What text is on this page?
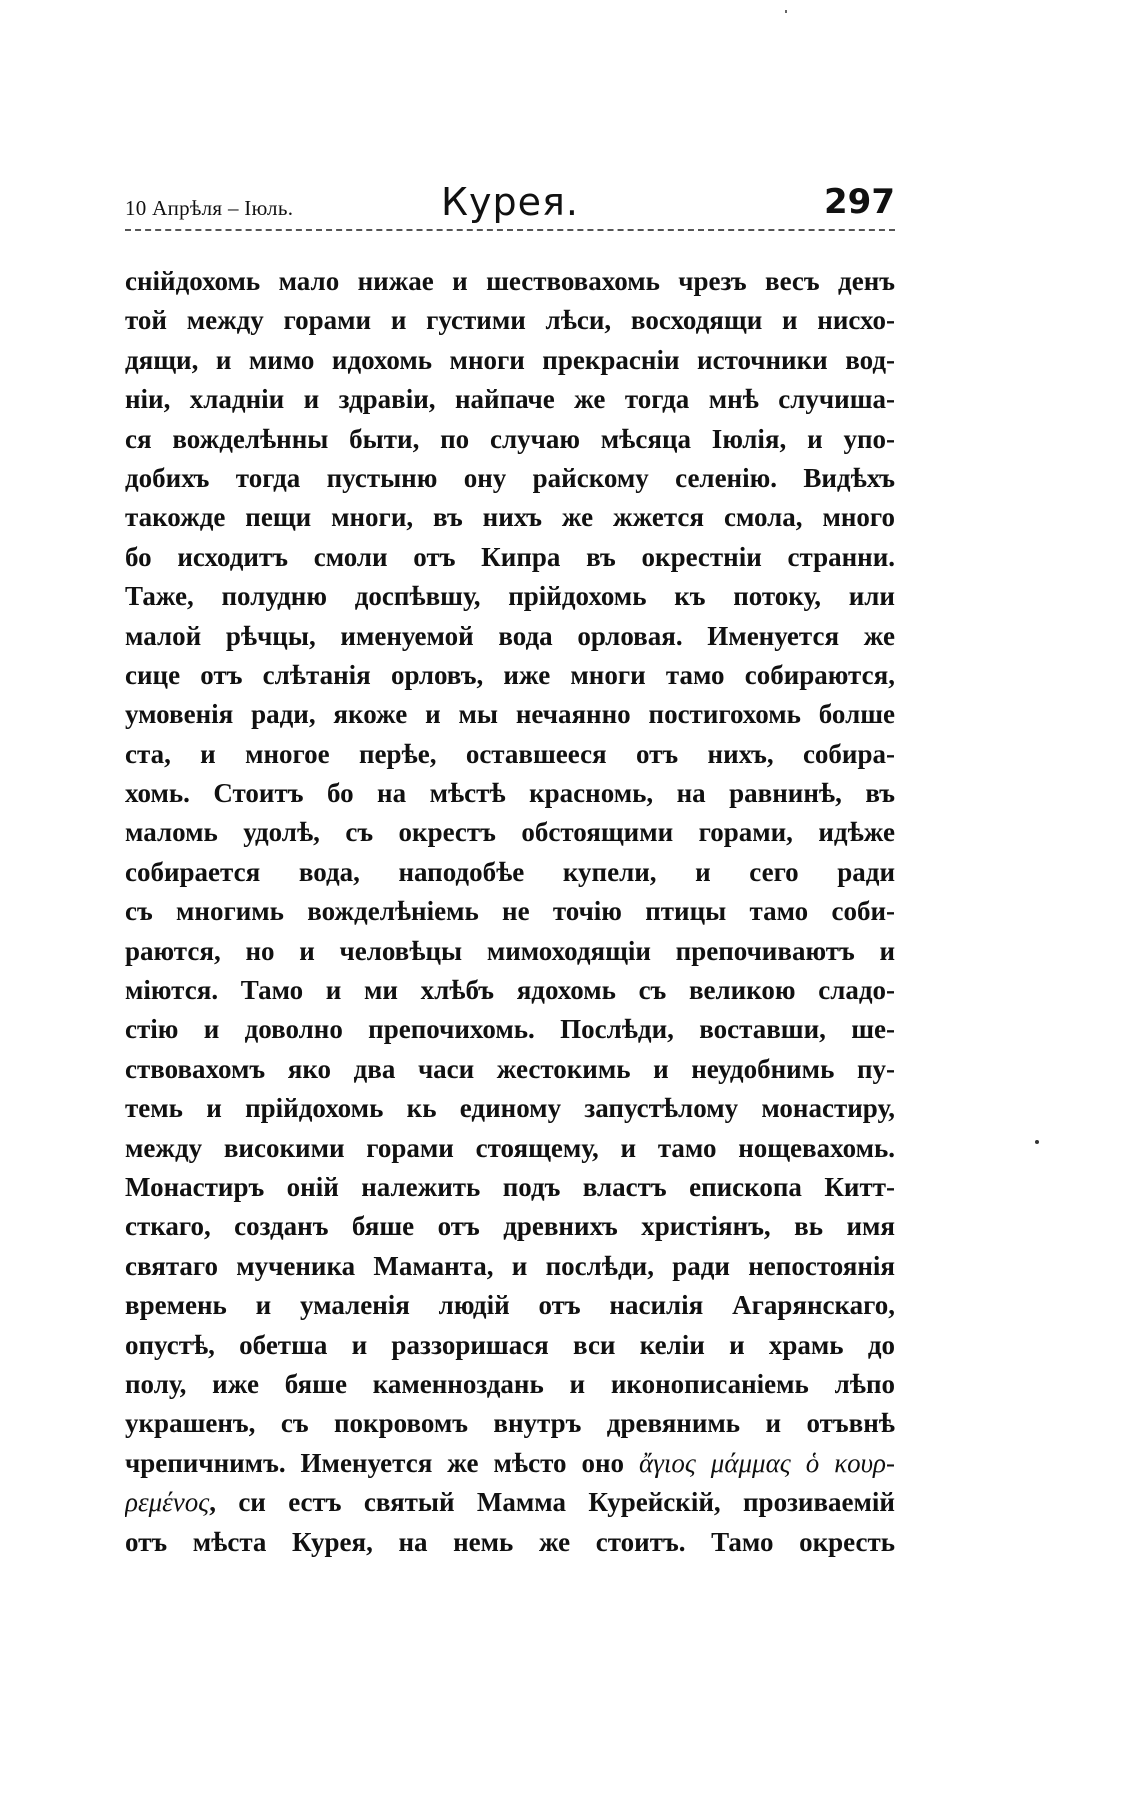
10 Апрѣля – Іюль.	Курея.	297
снійдохомь мало нижае и шествовахомь чрезъ весъ денъ
той между горами и густими лѣси, восходящи и нисхо-
дящи, и мимо идохомь многи прекрасніи источники вод-
ніи, хладніи и здравіи, найпаче же тогда мнѣ случиша-
ся вожделѣнны быти, по случаю мѣсяца Іюлія, и упо-
добихъ тогда пустыню ону райскому селенію. Видѣхъ
такожде пещи многи, въ нихъ же жжется смола, много
бо исходитъ смоли отъ Кипра въ окрестніи странни.
Таже, полудню доспѣвшу, прійдохомь къ потоку, или
малой рѣчцы, именуемой вода орловая. Именуется же
сице отъ слѣтанія орловъ, иже многи тамо собираются,
умовенія ради, якоже и мы нечаянно постигохомь болше
ста, и многое перѣе, оставшееся отъ нихъ, собира-
хомь. Стоитъ бо на мѣстѣ красномь, на равнинѣ, въ
маломь удолѣ, съ окрестъ обстоящими горами, идѣже
собирается вода, наподобѣе купели, и сего ради
съ многимь вожделѣніемь не точію птицы тамо соби-
раются, но и человѣцы мимоходящіи препочиваютъ и
міются. Тамо и ми хлѣбъ ядохомь съ великою сладо-
стію и доволно препочихомь. Послѣди, воставши, ше-
ствовахомъ яко два часи жестокимь и неудобнимь пу-
темь и прійдохомь кь единому запустѣлому монастиру,
между високими горами стоящему, и тамо нощевахомь.
Монастиръ оній належить подъ властъ епископа Китт-
сткаго, созданъ бяше отъ древнихъ христіянъ, вь имя
святаго мученика Маманта, и послѣди, ради непостоянія
времень и умаленія людій отъ насилія Агарянскаго,
опустѣ, обетша и раззоришася вси келіи и храмь до
полу, иже бяше каменноздань и иконописаніемь лѣпо
украшенъ, съ покровомъ внутръ древянимь и отъвнѣ
чрепичнимъ. Именуется же мѣсто оно ἄγιος μάμμας ὁ κουρ-
ρεμένος, си естъ святый Мамма Курейскій, прозиваемій
отъ мѣста Курея, на немь же стоитъ. Тамо окресть
